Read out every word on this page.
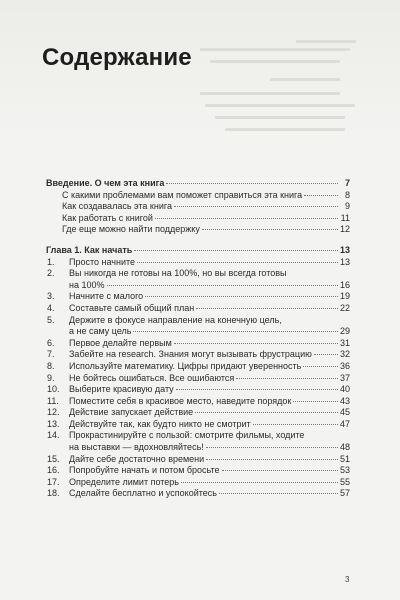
Содержание
Введение. О чем эта книга	7
С какими проблемами вам поможет справиться эта книга	8
Как создавалась эта книга	9
Как работать с книгой	11
Где еще можно найти поддержку	12
Глава 1. Как начать	13
1.	Просто начните	13
2.	Вы никогда не готовы на 100%, но вы всегда готовы
на 100%	16
3.	Начните с малого	19
4.	Составьте самый общий план	22
5.	Держите в фокусе направление на конечную цель,
а не саму цель	29
6.	Первое делайте первым	31
7.	Забейте на research. Знания могут вызывать фрустрацию	32
8.	Используйте математику. Цифры придают уверенность	36
9.	Не бойтесь ошибаться. Все ошибаются	37
10.	Выберите красивую дату	40
11.	Поместите себя в красивое место, наведите порядок	43
12.	Действие запускает действие	45
13.	Действуйте так, как будто никто не смотрит	47
14.	Прокрастинируйте с пользой: смотрите фильмы, ходите
на выставки — вдохновляйтесь!	48
15.	Дайте себе достаточно времени	51
16.	Попробуйте начать и потом бросьте	53
17.	Определите лимит потерь	55
18.	Сделайте бесплатно и успокойтесь	57
3
